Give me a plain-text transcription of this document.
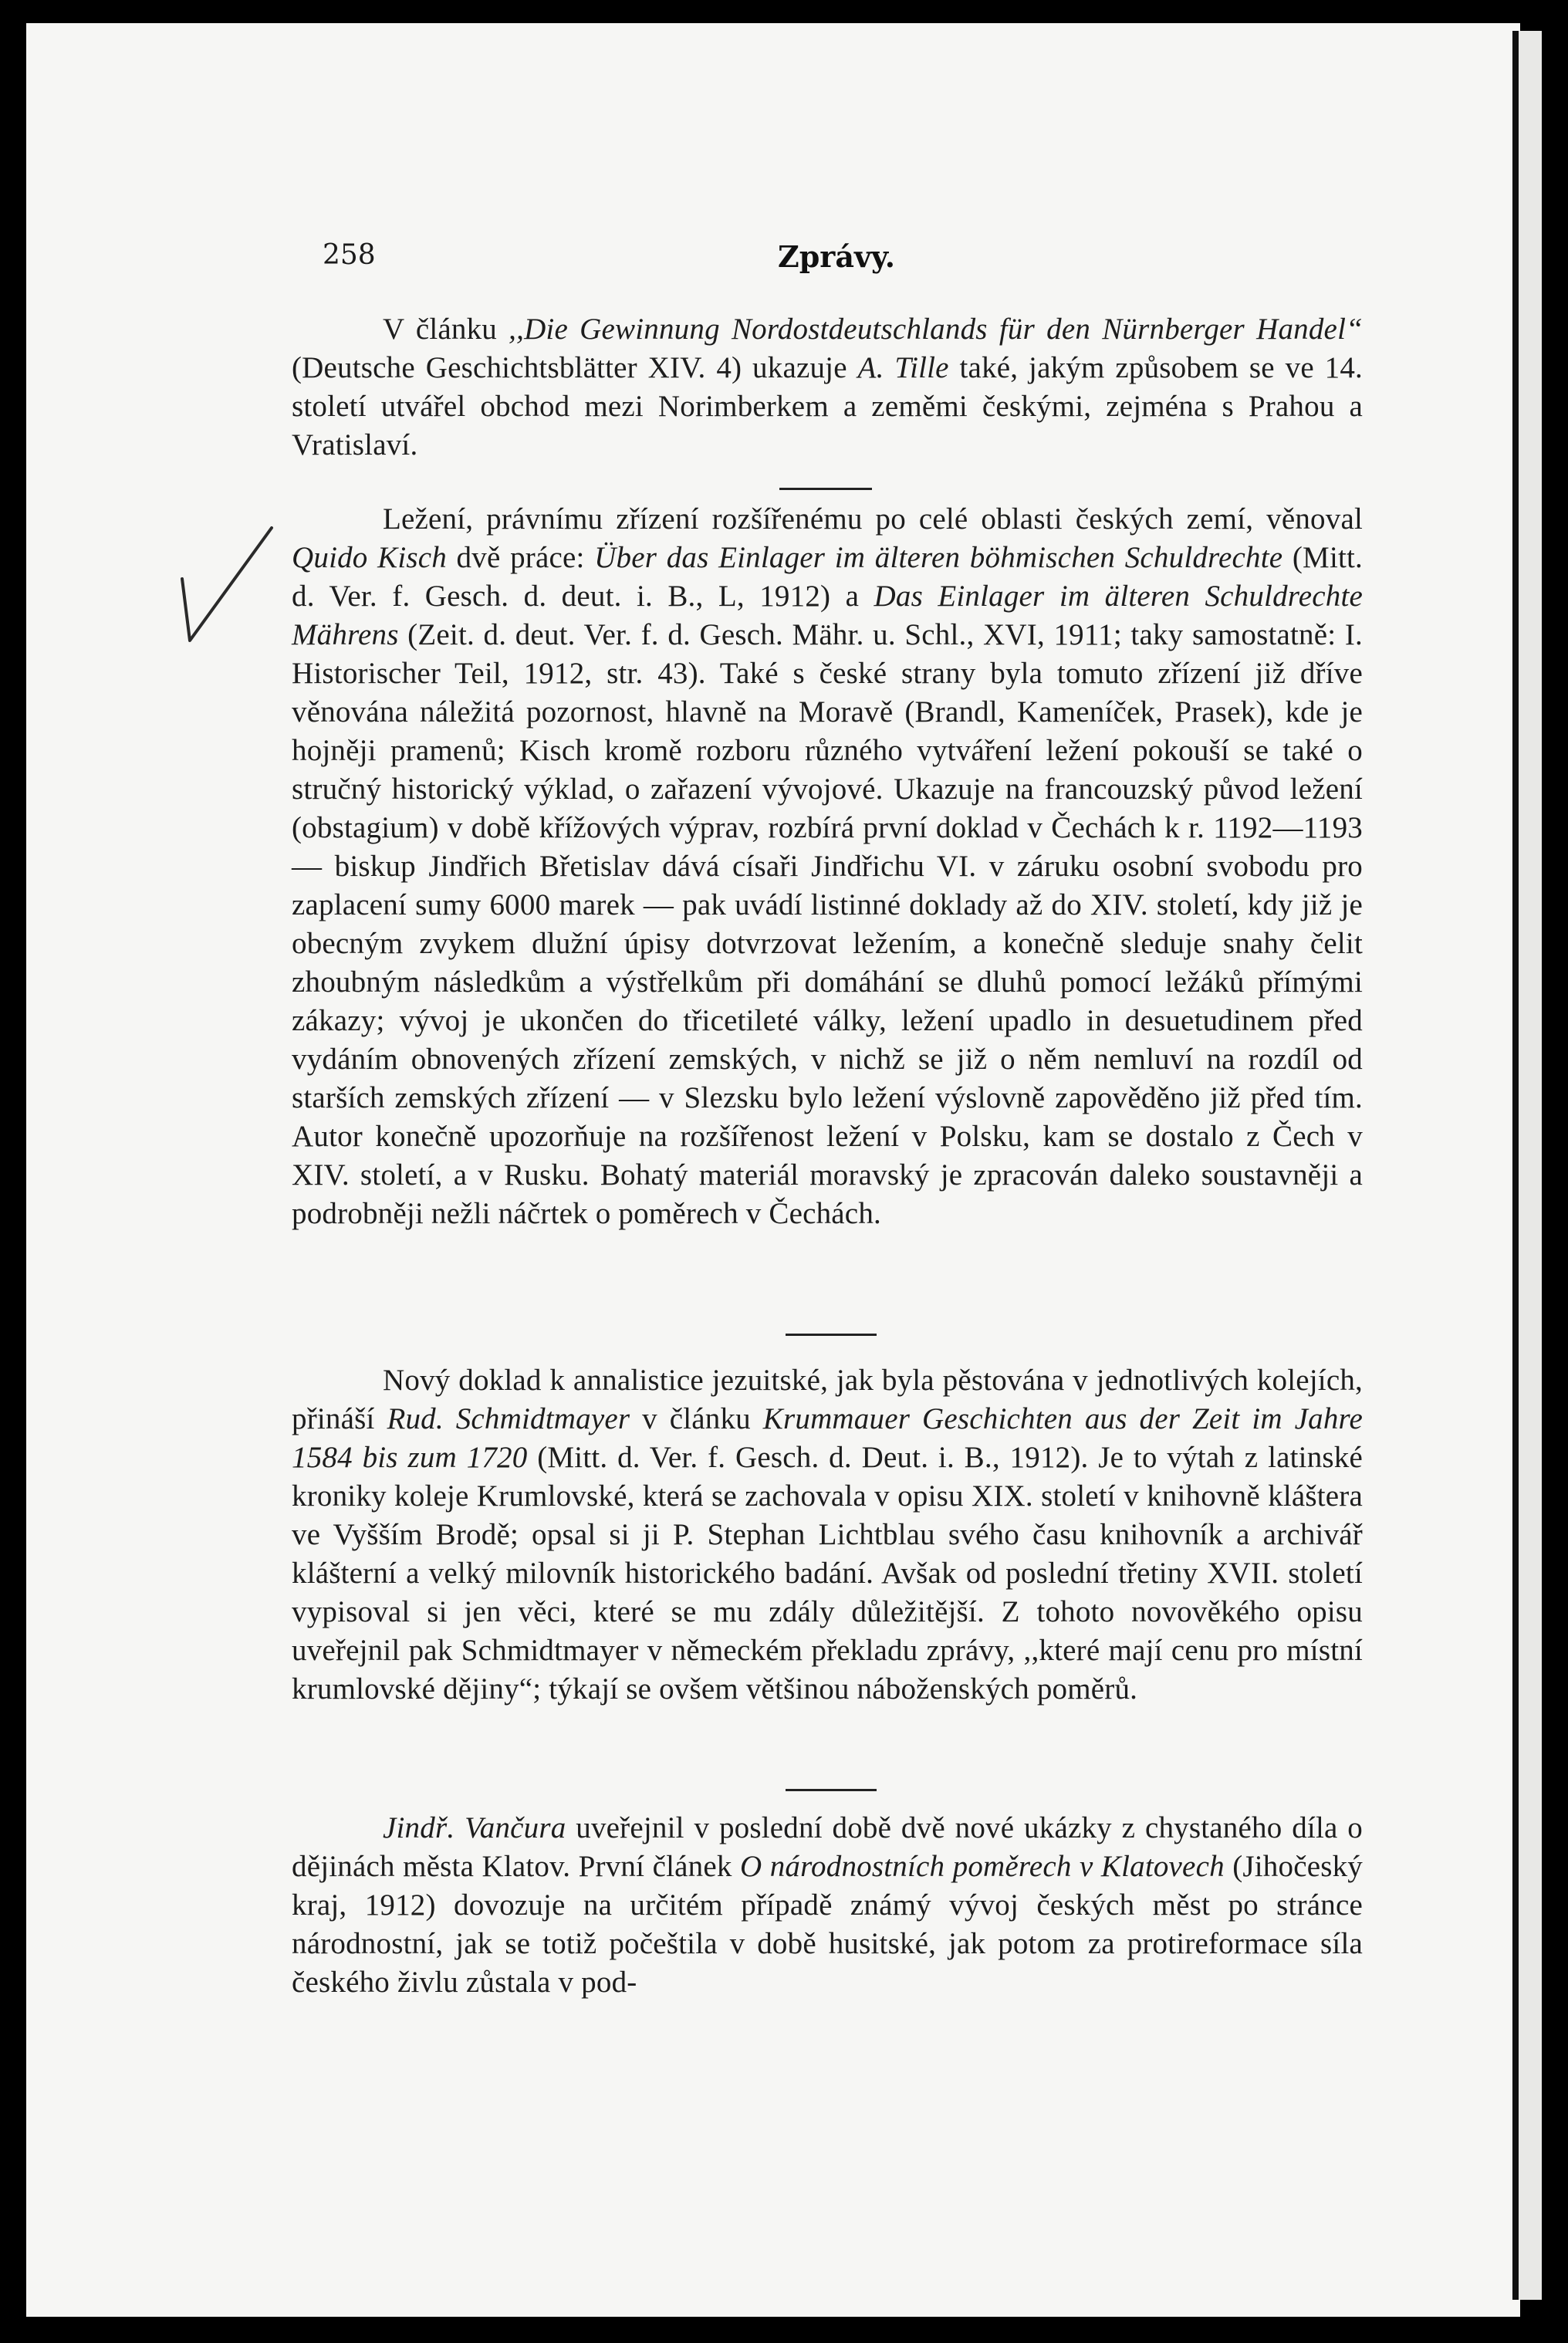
258	Zprávy.

V článku ,,Die Gewinnung Nordostdeutschlands für den Nürnberger Handel“ (Deutsche Geschichtsblätter XIV. 4) ukazuje A. Tille také, jakým způsobem se ve 14. století utvářel obchod mezi Norimberkem a zeměmi českými, zejména s Prahou a Vratislaví.

Ležení, právnímu zřízení rozšířenému po celé oblasti českých zemí, věnoval Quido Kisch dvě práce: Über das Einlager im älteren böhmischen Schuldrechte (Mitt. d. Ver. f. Gesch. d. deut. i. B., L, 1912) a Das Einlager im älteren Schuldrechte Mährens (Zeit. d. deut. Ver. f. d. Gesch. Mähr. u. Schl., XVI, 1911; taky samostatně: I. Historischer Teil, 1912, str. 43). Také s české strany byla tomuto zřízení již dříve věnována náležitá pozornost, hlavně na Moravě (Brandl, Kameníček, Prasek), kde je hojněji pramenů; Kisch kromě rozboru různého vytváření ležení pokouší se také o stručný historický výklad, o zařazení vývojové. Ukazuje na francouzský původ ležení (obstagium) v době křížových výprav, rozbírá první doklad v Čechách k r. 1192—1193 — biskup Jindřich Břetislav dává císaři Jindřichu VI. v záruku osobní svobodu pro zaplacení sumy 6000 marek — pak uvádí listinné doklady až do XIV. století, kdy již je obecným zvykem dlužní úpisy dotvrzovat ležením, a konečně sleduje snahy čelit zhoubným následkům a výstřelkům při domáhání se dluhů pomocí ležáků přímými zákazy; vývoj je ukončen do třicetileté války, ležení upadlo in desuetudinem před vydáním obnovených zřízení zemských, v nichž se již o něm nemluví na rozdíl od starších zemských zřízení — v Slezsku bylo ležení výslovně zapověděno již před tím. Autor konečně upozorňuje na rozšířenost ležení v Polsku, kam se dostalo z Čech v XIV. století, a v Rusku. Bohatý materiál moravský je zpracován daleko soustavněji a podrobněji nežli náčrtek o poměrech v Čechách.

Nový doklad k annalistice jezuitské, jak byla pěstována v jednotlivých kolejích, přináší Rud. Schmidtmayer v článku Krummauer Geschichten aus der Zeit im Jahre 1584 bis zum 1720 (Mitt. d. Ver. f. Gesch. d. Deut. i. B., 1912). Je to výtah z latinské kroniky koleje Krumlovské, která se zachovala v opisu XIX. století v knihovně kláštera ve Vyšším Brodě; opsal si ji P. Stephan Lichtblau svého času knihovník a archivář klášterní a velký milovník historického badání. Avšak od poslední třetiny XVII. století vypisoval si jen věci, které se mu zdály důležitější. Z tohoto novověkého opisu uveřejnil pak Schmidtmayer v německém překladu zprávy, ,,které mají cenu pro místní krumlovské dějiny“; týkají se ovšem většinou náboženských poměrů.

Jindř. Vančura uveřejnil v poslední době dvě nové ukázky z chystaného díla o dějinách města Klatov. První článek O národnostních poměrech v Klatovech (Jihočeský kraj, 1912) dovozuje na určitém případě známý vývoj českých měst po stránce národnostní, jak se totiž počeštila v době husitské, jak potom za protireformace síla českého živlu zůstala v pod-
